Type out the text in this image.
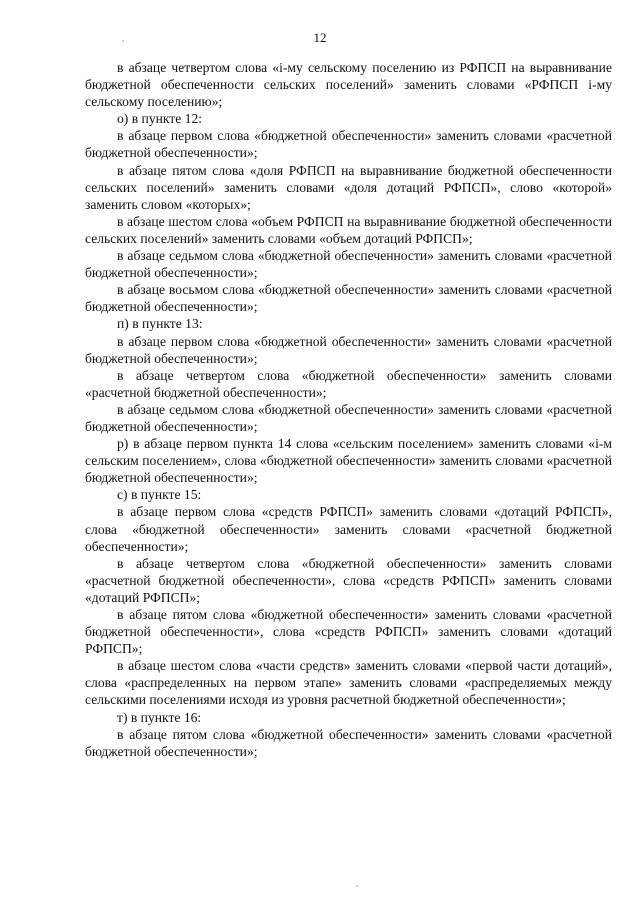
12

в абзаце четвертом слова «i-му сельскому поселению из РФПСП на выравнивание бюджетной обеспеченности сельских поселений» заменить словами «РФПСП i-му сельскому поселению»;

о) в пункте 12:

в абзаце первом слова «бюджетной обеспеченности» заменить словами «расчетной бюджетной обеспеченности»;

в абзаце пятом слова «доля РФПСП на выравнивание бюджетной обеспеченности сельских поселений» заменить словами «доля дотаций РФПСП», слово «которой» заменить словом «которых»;

в абзаце шестом слова «объем РФПСП на выравнивание бюджетной обеспеченности сельских поселений» заменить словами «объем дотаций РФПСП»;

в абзаце седьмом слова «бюджетной обеспеченности» заменить словами «расчетной бюджетной обеспеченности»;

в абзаце восьмом слова «бюджетной обеспеченности» заменить словами «расчетной бюджетной обеспеченности»;

п) в пункте 13:

в абзаце первом слова «бюджетной обеспеченности» заменить словами «расчетной бюджетной обеспеченности»;

в абзаце четвертом слова «бюджетной обеспеченности» заменить словами «расчетной бюджетной обеспеченности»;

в абзаце седьмом слова «бюджетной обеспеченности» заменить словами «расчетной бюджетной обеспеченности»;

р) в абзаце первом пункта 14 слова «сельским поселением» заменить словами «i-м сельским поселением», слова «бюджетной обеспеченности» заменить словами «расчетной бюджетной обеспеченности»;

с) в пункте 15:

в абзаце первом слова «средств РФПСП» заменить словами «дотаций РФПСП», слова «бюджетной обеспеченности» заменить словами «расчетной бюджетной обеспеченности»;

в абзаце четвертом слова «бюджетной обеспеченности» заменить словами «расчетной бюджетной обеспеченности», слова «средств РФПСП» заменить словами «дотаций РФПСП»;

в абзаце пятом слова «бюджетной обеспеченности» заменить словами «расчетной бюджетной обеспеченности», слова «средств РФПСП» заменить словами «дотаций РФПСП»;

в абзаце шестом слова «части средств» заменить словами «первой части дотаций», слова «распределенных на первом этапе» заменить словами «распределяемых между сельскими поселениями исходя из уровня расчетной бюджетной обеспеченности»;

т) в пункте 16:

в абзаце пятом слова «бюджетной обеспеченности» заменить словами «расчетной бюджетной обеспеченности»;
